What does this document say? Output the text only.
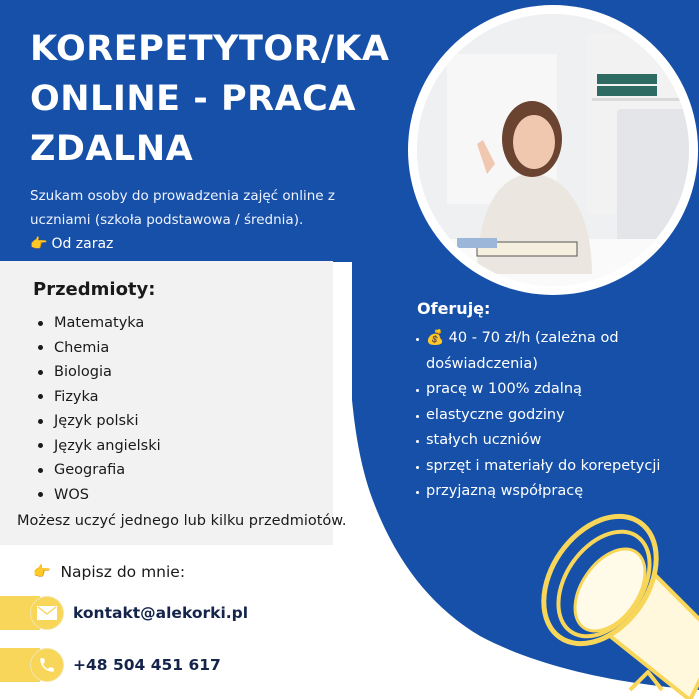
KOREPETYTOR/KA
ONLINE - PRACA
ZDALNA
Szukam osoby do prowadzenia zajęć online z uczniami (szkoła podstawowa / średnia).
👉 Od zaraz
Przedmioty:
Matematyka
Chemia
Biologia
Fizyka
Język polski
Język angielski
Geografia
WOS
Możesz uczyć jednego lub kilku przedmiotów.
Oferuję:
💰 40 - 70 zł/h (zależna od
doświadczenia)
pracę w 100% zdalną
elastyczne godziny
stałych uczniów
sprzęt i materiały do korepetycji
przyjazną współpracę
👉 Napisz do mnie:
kontakt@alekorki.pl
+48 504 451 617
